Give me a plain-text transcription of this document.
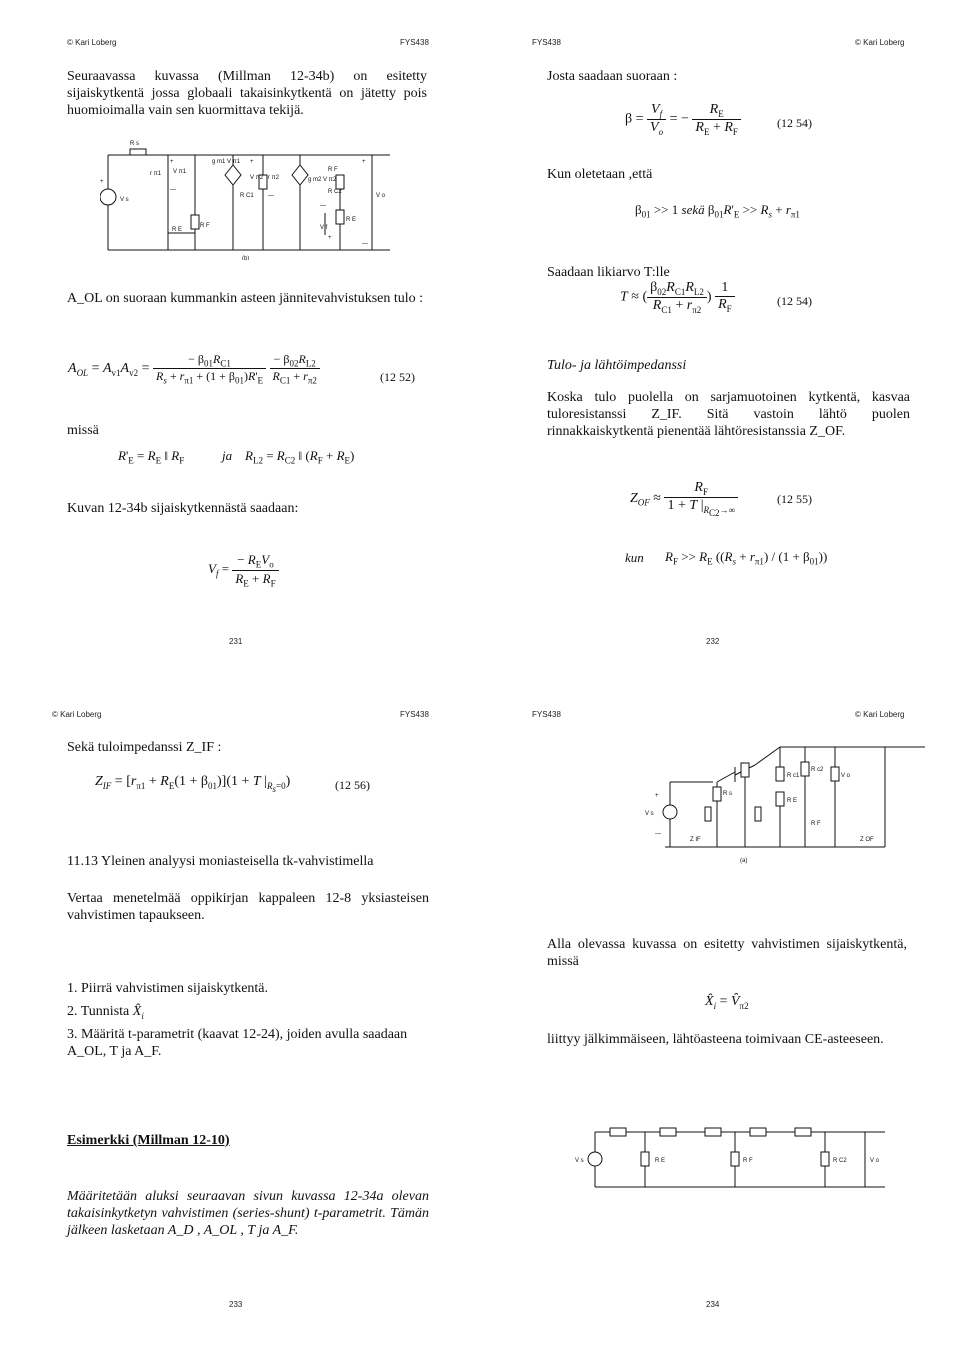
© Kari Loberg	FYS438
Seuraavassa kuvassa (Millman 12-34b) on esitetty sijaiskytkentä jossa globaali takaisinkytkentä on jätetty pois huomioimalla vain sen kuormittava tekijä.
R s
+
V s
r π1
+
V π1
—
R E
R F
g m1 V π1 +
V π2 r π2
R C1 —
g m2 V π2
R C2
R F
—
V f
+
R E
+
V o
—
(b)
A_OL on suoraan kummankin asteen jännitevahvistuksen tulo :
$A_{OL} = A_{v1}A_{v2} = \frac{- \beta_{01}R_{C1}}{R_s + r_{\pi 1} + (1 + \beta_{01})R'_E}$
$\frac{- \beta_{02}R_{L2}}{R_{C1} + r_{\pi 2}}$	(12 52)
missä
$R'_E = R_E$ ‖ $R_F$	ja $R_{L2} = R_{C2}$ ‖ $(R_F + R_E)$
Kuvan 12-34b sijaiskytkennästä saadaan:
$V_f = \frac{- R_EV_o}{R_E + R_F}$
231
FYS438	© Kari Loberg
Josta saadaan suoraan :
$\beta = \frac{V_f}{V_o}$ = − $\frac{R_E}{R_E + R_F}$	(12 54)
Kun oletetaan ,että
$\beta_{01} >> 1$ sekä $\beta_{01}R'_E >> R_s + r_{\pi 1}$
Saadaan likiarvo T:lle
T ≈ ( $\frac{\beta_{02}R_{C1}R_{L2}}{R_{C1} + r_{\pi 2}}$ ) $\frac{1}{R_F}$	(12 54)
Tulo- ja lähtöimpedanssi
Koska tulo puolella on sarjamuotoinen kytkentä, kasvaa tuloresistanssi Z_IF. Sitä vastoin lähtö puolen rinnakkaiskytkentä pienentää lähtöresistanssia Z_OF.
$Z_{OF} \approx \frac{R_F}{1 + T |_{R_{C2}\to\infty}}$	(12 55)
kun $R_F >> R_E$ $((R_s + r_{\pi 1}) / (1 + \beta_{01}))$
232
© Kari Loberg	FYS438
Sekä tuloimpedanssi Z_IF :
$Z_{IF} = [r_{\pi 1} + R_E(1 + \beta_{01})](1 + T$ $|_{R_s=0}$)	(12 56)
11.13 Yleinen analyysi moniasteisella tk-vahvistimella
Vertaa menetelmää oppikirjan kappaleen 12-8 yksiasteisen vahvistimen tapaukseen.
1. Piirrä vahvistimen sijaiskytkentä.
2. Tunnista $X̂_i$
3. Määritä t-parametrit (kaavat 12-24), joiden avulla saadaan A_OL, T ja A_F.
233
FYS438	© Kari Loberg
R s
R c1
R c2
R E
R F
V o
+
V s
—
Z IF	Z OF
(a)
Alla olevassa kuvassa on esitetty vahvistimen sijaiskytkentä, missä
$X̂_i$ = $V̂_{\pi 2}$
liittyy jälkimmäiseen, lähtöasteena toimivaan CE-asteeseen.
V s	R E	R F	R C2	V o
234
Esimerkki (Millman 12-10)
Määritetään aluksi seuraavan sivun kuvassa 12-34a olevan takaisinkytketyn vahvistimen (series-shunt) t-parametrit. Tämän jälkeen lasketaan A_D , A_OL , T ja A_F.
